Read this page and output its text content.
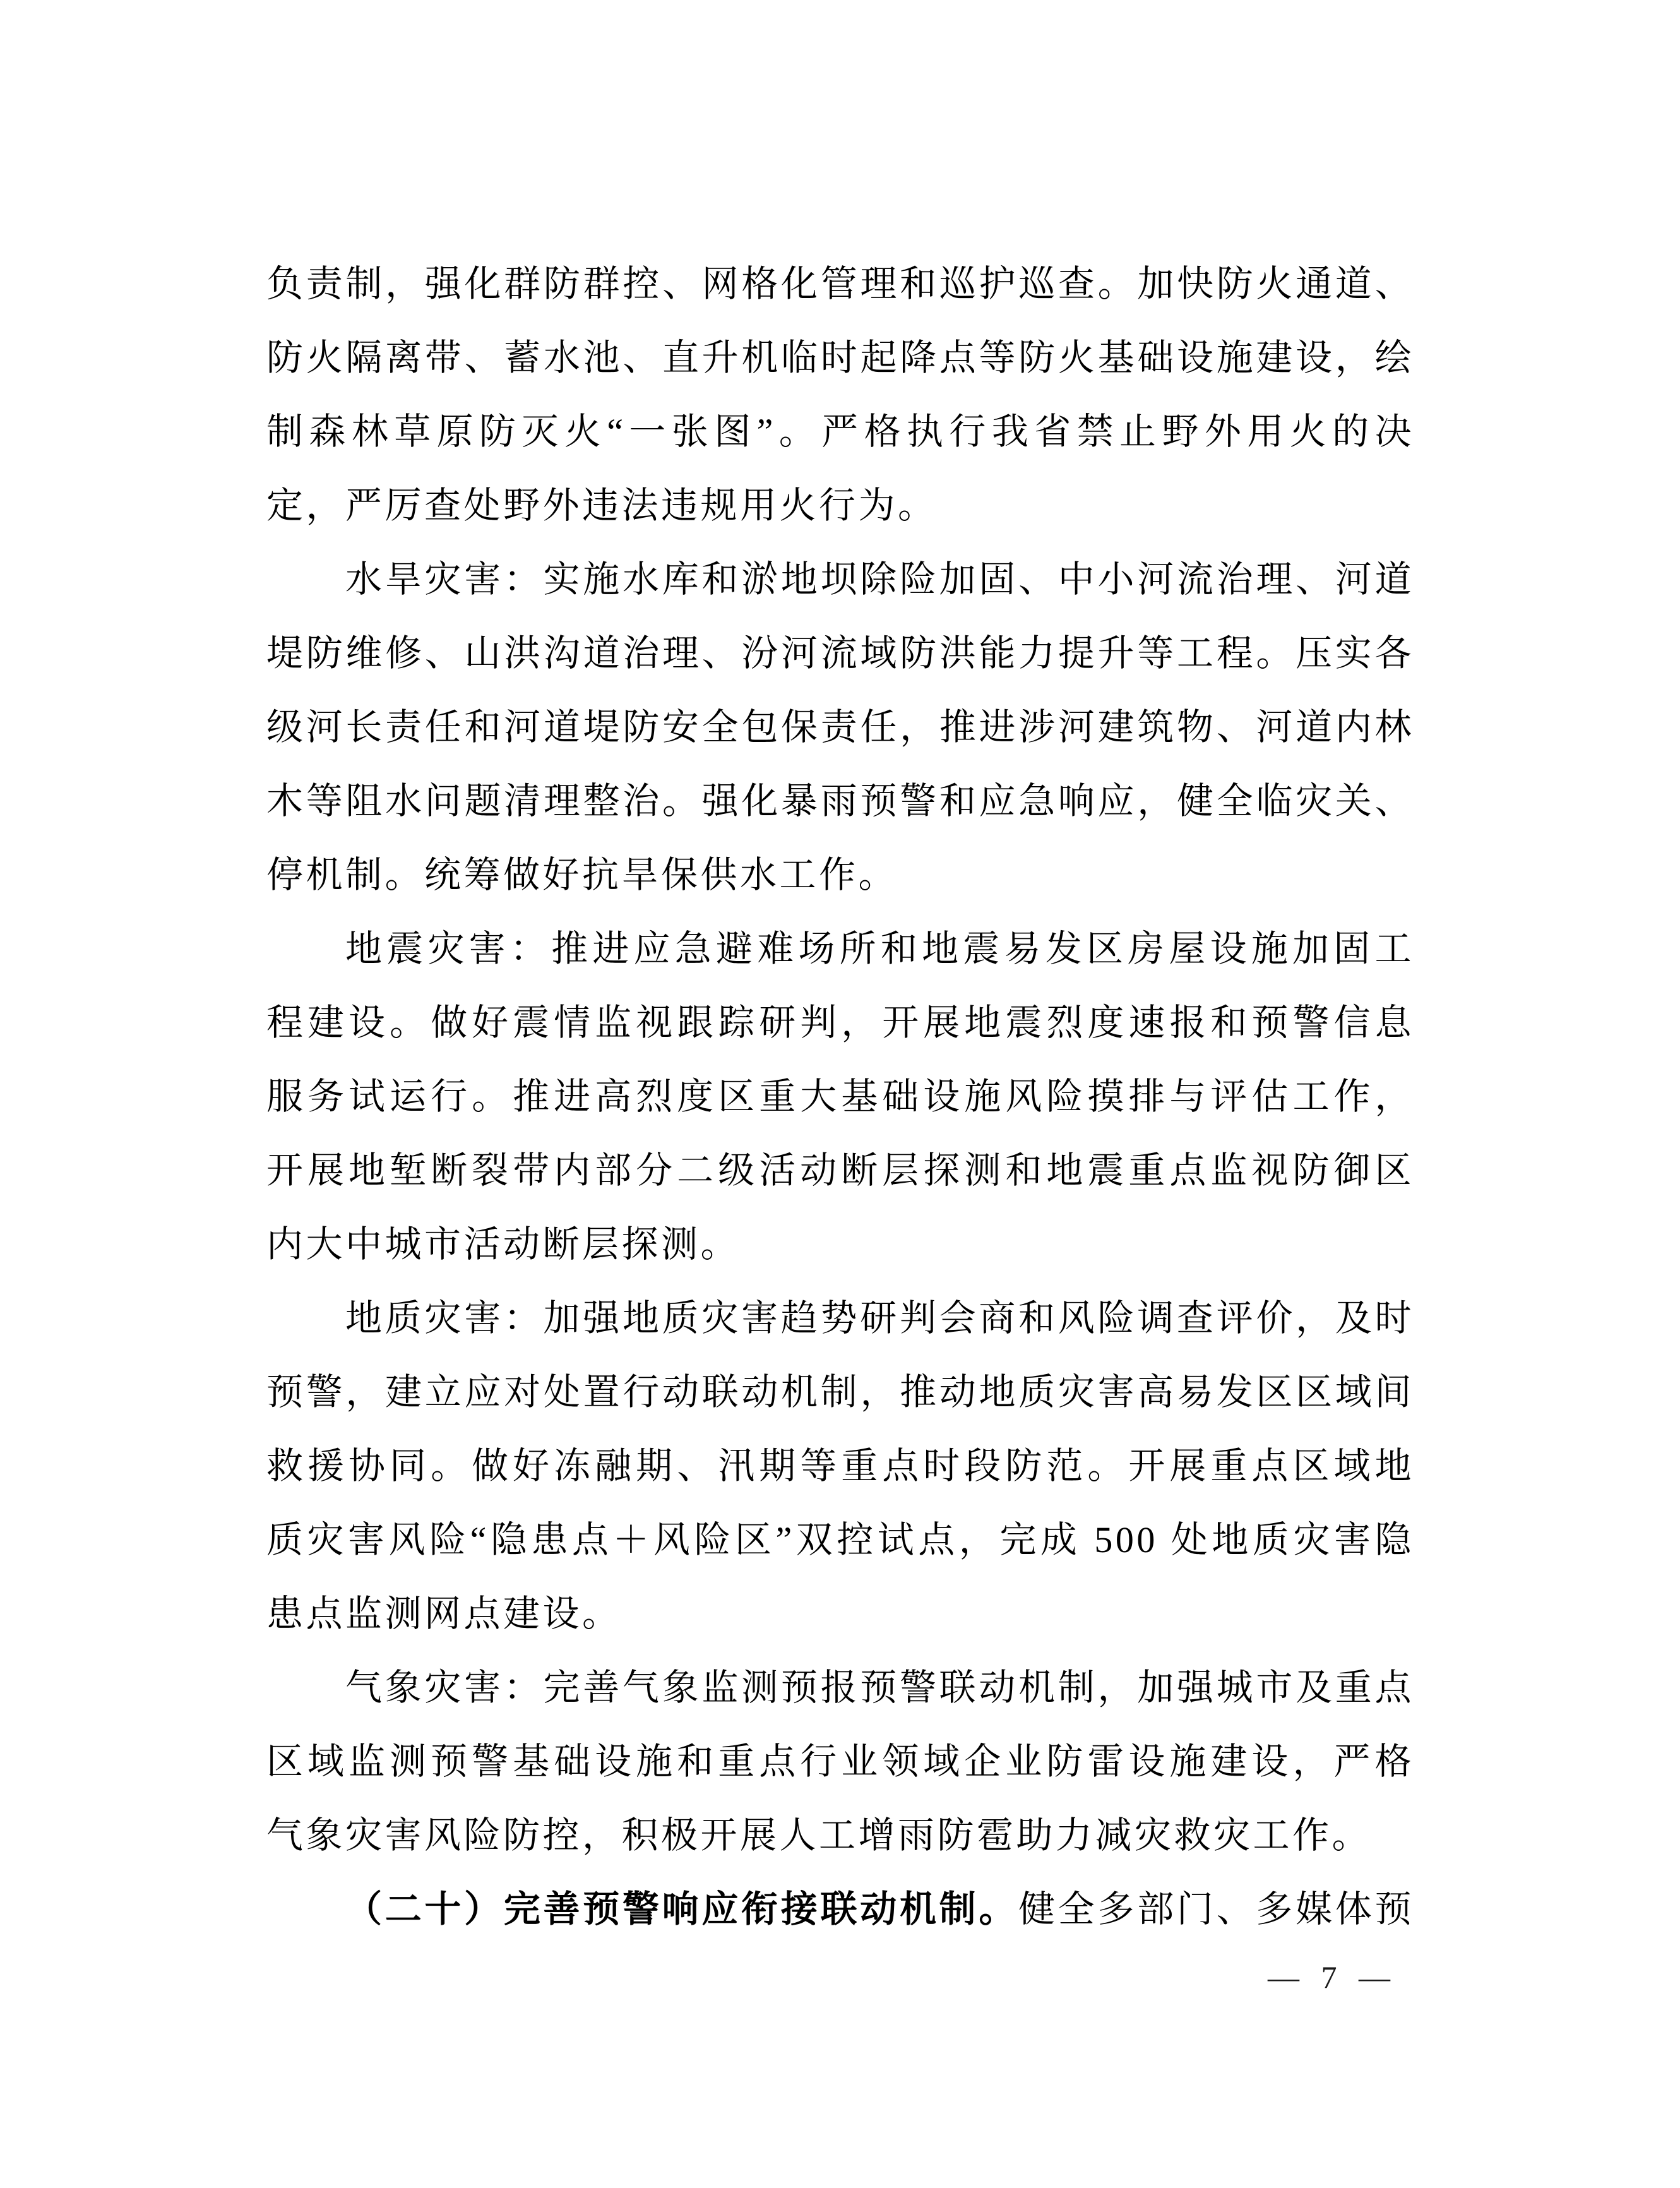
负责制，强化群防群控、网格化管理和巡护巡查。加快防火通道、
防火隔离带、蓄水池、直升机临时起降点等防火基础设施建设，绘
制森林草原防灭火“一张图”。严格执行我省禁止野外用火的决
定，严厉查处野外违法违规用火行为。
水旱灾害：实施水库和淤地坝除险加固、中小河流治理、河道
堤防维修、山洪沟道治理、汾河流域防洪能力提升等工程。压实各
级河长责任和河道堤防安全包保责任，推进涉河建筑物、河道内林
木等阻水问题清理整治。强化暴雨预警和应急响应，健全临灾关、
停机制。统筹做好抗旱保供水工作。
地震灾害：推进应急避难场所和地震易发区房屋设施加固工
程建设。做好震情监视跟踪研判，开展地震烈度速报和预警信息
服务试运行。推进高烈度区重大基础设施风险摸排与评估工作，
开展地堑断裂带内部分二级活动断层探测和地震重点监视防御区
内大中城市活动断层探测。
地质灾害：加强地质灾害趋势研判会商和风险调查评价，及时
预警，建立应对处置行动联动机制，推动地质灾害高易发区区域间
救援协同。做好冻融期、汛期等重点时段防范。开展重点区域地
质灾害风险“隐患点＋风险区”双控试点，完成 500 处地质灾害隐
患点监测网点建设。
气象灾害：完善气象监测预报预警联动机制，加强城市及重点
区域监测预警基础设施和重点行业领域企业防雷设施建设，严格
气象灾害风险防控，积极开展人工增雨防雹助力减灾救灾工作。
（二十）完善预警响应衔接联动机制。健全多部门、多媒体预
— 7 —
